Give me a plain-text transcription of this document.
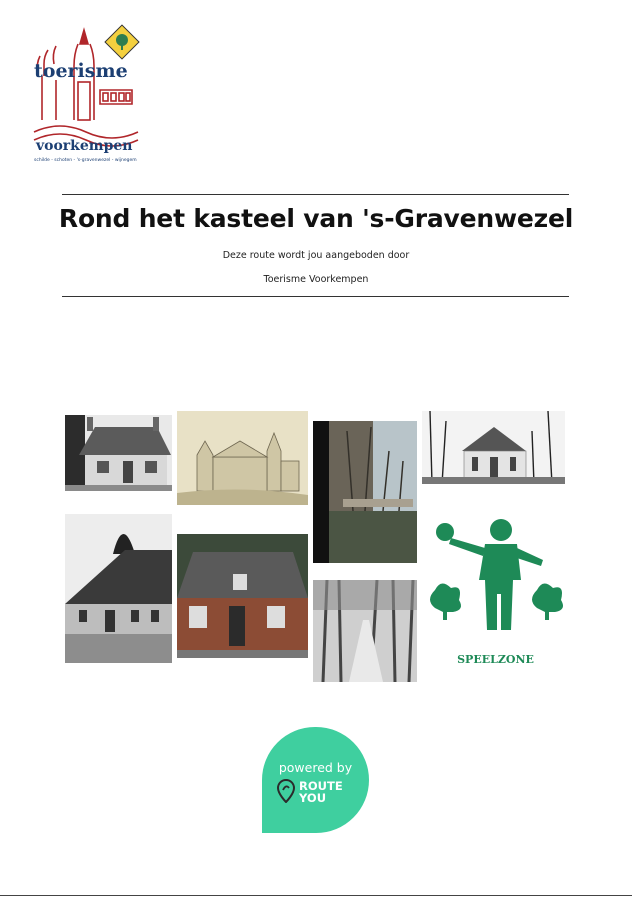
toerisme
voorkempen
schilde - schoten - 's-gravenwezel - wijnegem
Rond het kasteel van 's-Gravenwezel
Deze route wordt jou aangeboden door
Toerisme Voorkempen
SPEELZONE
powered by
ROUTE
YOU
